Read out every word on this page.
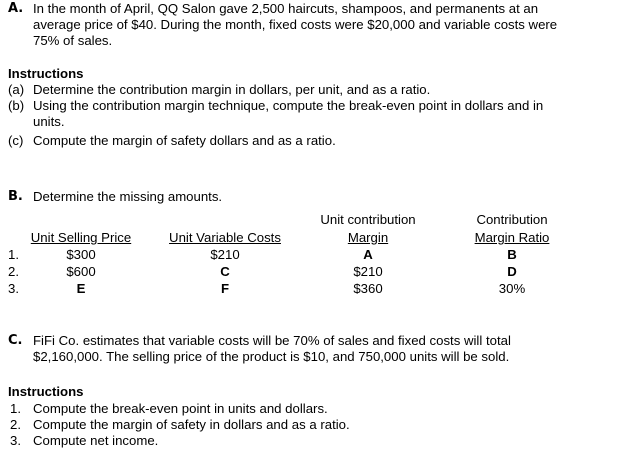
A. In the month of April, QQ Salon gave 2,500 haircuts, shampoos, and permanents at an
average price of $40. During the month, fixed costs were $20,000 and variable costs were
75% of sales.
Instructions
(a) Determine the contribution margin in dollars, per unit, and as a ratio.
(b) Using the contribution margin technique, compute the break-even point in dollars and in
units.
(c) Compute the margin of safety dollars and as a ratio.
B. Determine the missing amounts.
Unit contribution	Contribution
Unit Selling Price	Unit Variable Costs	Margin	Margin Ratio
1.	$300	$210	A	B
2.	$600	C	$210	D
3.	E	F	$360	30%
C. FiFi Co. estimates that variable costs will be 70% of sales and fixed costs will total
$2,160,000. The selling price of the product is $10, and 750,000 units will be sold.
Instructions
1. Compute the break-even point in units and dollars.
2. Compute the margin of safety in dollars and as a ratio.
3. Compute net income.
